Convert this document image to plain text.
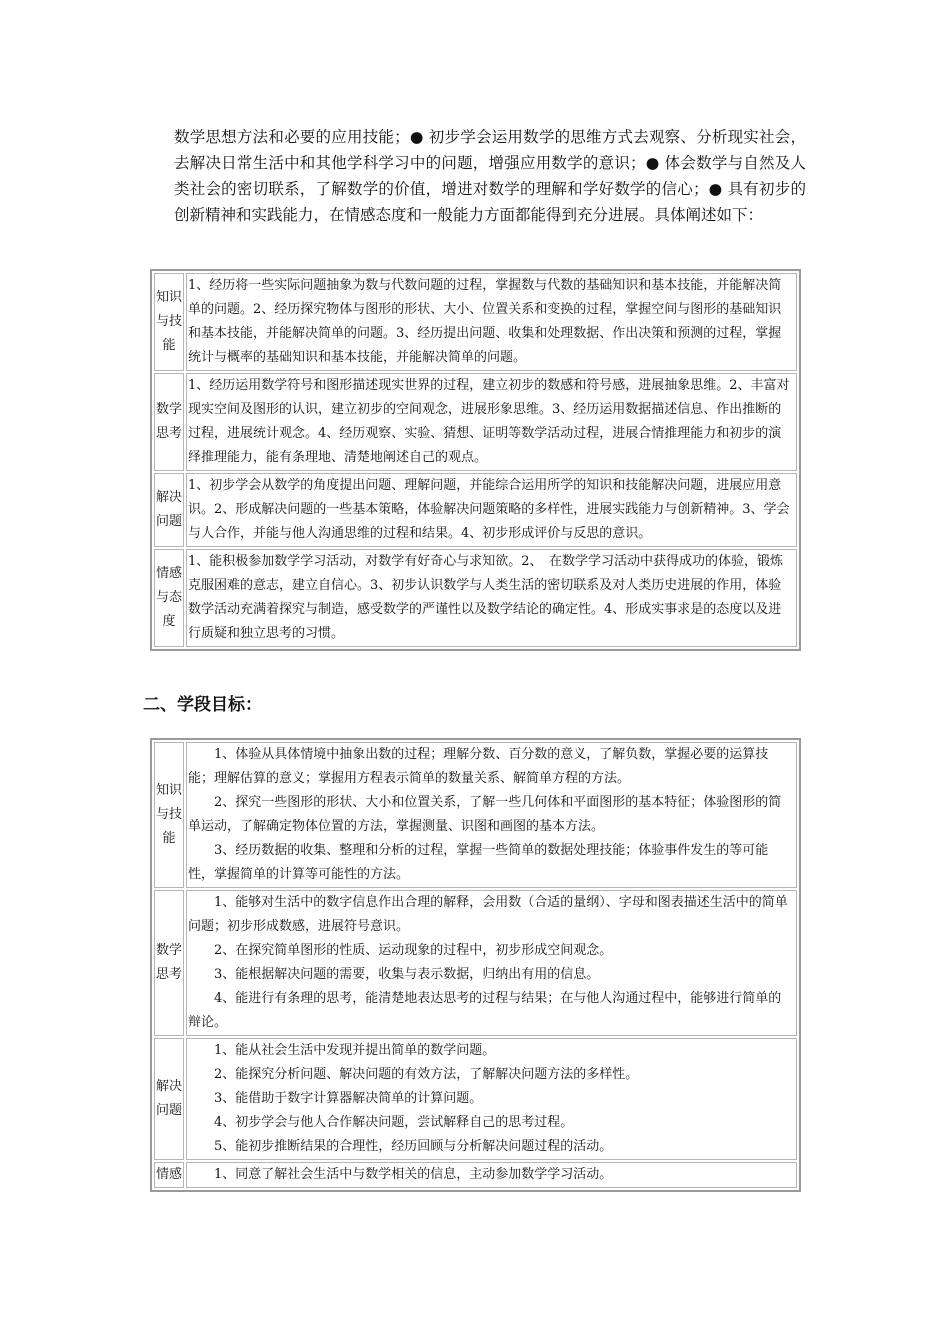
数学思想方法和必要的应用技能；● 初步学会运用数学的思维方式去观察、分析现实社会，去解决日常生活中和其他学科学习中的问题，增强应用数学的意识；● 体会数学与自然及人类社会的密切联系，了解数学的价值，增进对数学的理解和学好数学的信心；● 具有初步的创新精神和实践能力，在情感态度和一般能力方面都能得到充分进展。具体阐述如下：

知识与技能	1、经历将一些实际问题抽象为数与代数问题的过程，掌握数与代数的基础知识和基本技能，并能解决简单的问题。2、经历探究物体与图形的形状、大小、位置关系和变换的过程，掌握空间与图形的基础知识和基本技能，并能解决简单的问题。3、经历提出问题、收集和处理数据、作出决策和预测的过程，掌握统计与概率的基础知识和基本技能，并能解决简单的问题。
数学思考	1、经历运用数学符号和图形描述现实世界的过程，建立初步的数感和符号感，进展抽象思维。2、丰富对现实空间及图形的认识，建立初步的空间观念，进展形象思维。3、经历运用数据描述信息、作出推断的过程，进展统计观念。4、经历观察、实验、猜想、证明等数学活动过程，进展合情推理能力和初步的演绎推理能力，能有条理地、清楚地阐述自己的观点。
解决问题	1、初步学会从数学的角度提出问题、理解问题，并能综合运用所学的知识和技能解决问题，进展应用意识。2、形成解决问题的一些基本策略，体验解决问题策略的多样性，进展实践能力与创新精神。3、学会与人合作，并能与他人沟通思维的过程和结果。4、初步形成评价与反思的意识。
情感与态度	1、能积极参加数学学习活动，对数学有好奇心与求知欲。2、　在数学学习活动中获得成功的体验，锻炼克服困难的意志，建立自信心。3、初步认识数学与人类生活的密切联系及对人类历史进展的作用，体验数学活动充满着探究与制造，感受数学的严谨性以及数学结论的确定性。4、形成实事求是的态度以及进行质疑和独立思考的习惯。
二、学段目标：
知识与技能	1、体验从具体情境中抽象出数的过程；理解分数、百分数的意义，了解负数，掌握必要的运算技能；理解估算的意义；掌握用方程表示简单的数量关系、解简单方程的方法。
2、探究一些图形的形状、大小和位置关系，了解一些几何体和平面图形的基本特征；体验图形的简单运动，了解确定物体位置的方法，掌握测量、识图和画图的基本方法。
3、经历数据的收集、整理和分析的过程，掌握一些简单的数据处理技能；体验事件发生的等可能性，掌握简单的计算等可能性的方法。

数学思考	1、能够对生活中的数字信息作出合理的解释，会用数（合适的量纲）、字母和图表描述生活中的简单问题；初步形成数感，进展符号意识。
2、在探究简单图形的性质、运动现象的过程中，初步形成空间观念。
3、能根据解决问题的需要，收集与表示数据，归纳出有用的信息。
4、能进行有条理的思考，能清楚地表达思考的过程与结果；在与他人沟通过程中，能够进行简单的辩论。

解决问题	1、能从社会生活中发现并提出简单的数学问题。
2、能探究分析问题、解决问题的有效方法，了解解决问题方法的多样性。
3、能借助于数字计算器解决简单的计算问题。
4、初步学会与他人合作解决问题，尝试解释自己的思考过程。
5、能初步推断结果的合理性，经历回顾与分析解决问题过程的活动。

情感	1、同意了解社会生活中与数学相关的信息，主动参加数学学习活动。
